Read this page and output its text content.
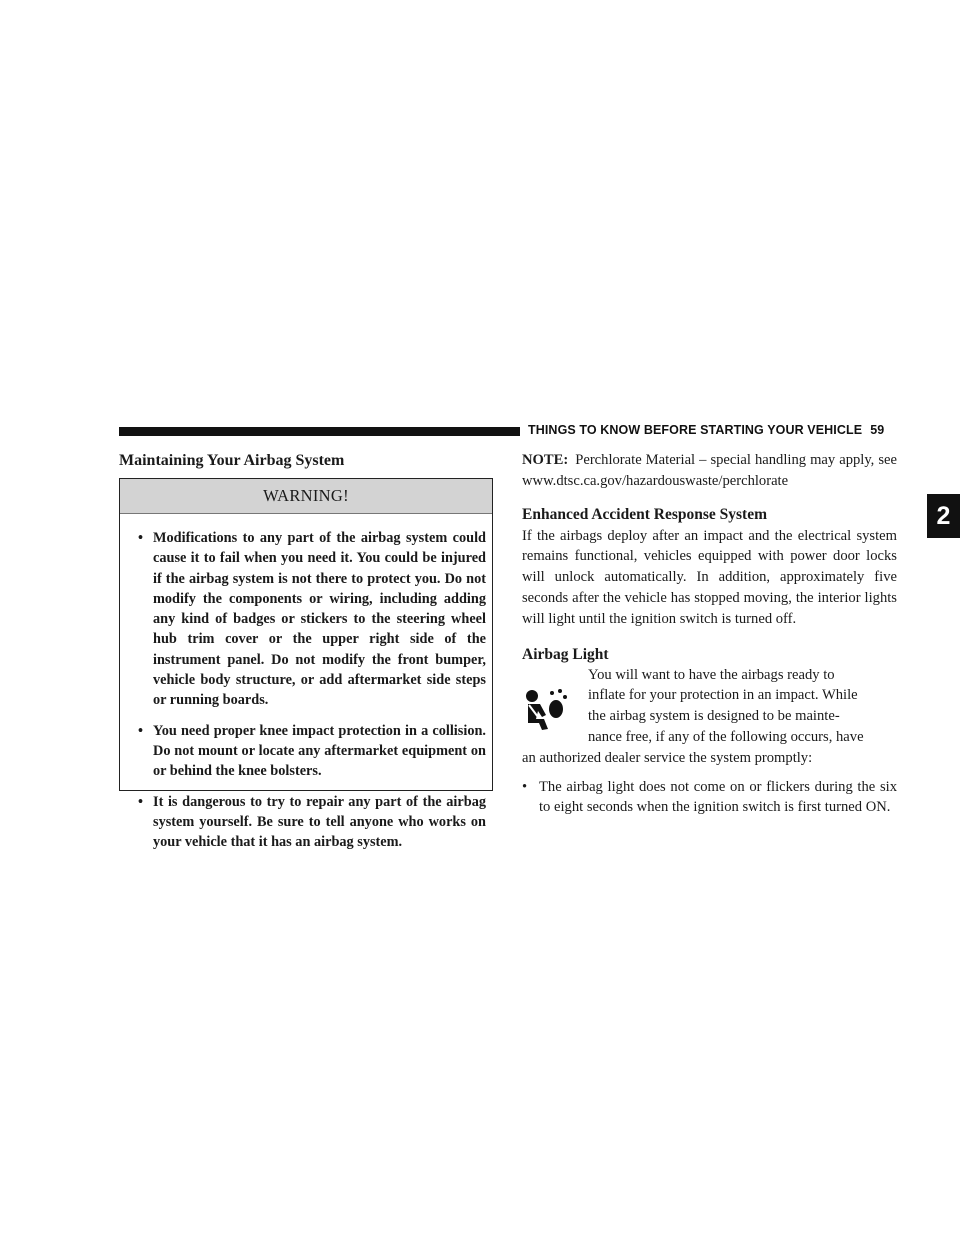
THINGS TO KNOW BEFORE STARTING YOUR VEHICLE 59
2
Maintaining Your Airbag System
WARNING!
• Modifications to any part of the airbag system could cause it to fail when you need it. You could be injured if the airbag system is not there to protect you. Do not modify the components or wiring, including adding any kind of badges or stickers to the steering wheel hub trim cover or the upper right side of the instrument panel. Do not modify the front bumper, vehicle body structure, or add aftermarket side steps or running boards.
• You need proper knee impact protection in a collision. Do not mount or locate any aftermarket equipment on or behind the knee bolsters.
• It is dangerous to try to repair any part of the airbag system yourself. Be sure to tell anyone who works on your vehicle that it has an airbag system.

NOTE: Perchlorate Material – special handling may apply, see www.dtsc.ca.gov/hazardouswaste/perchlorate

Enhanced Accident Response System

If the airbags deploy after an impact and the electrical system remains functional, vehicles equipped with power door locks will unlock automatically. In addition, approximately five seconds after the vehicle has stopped moving, the interior lights will light until the ignition switch is turned off.

Airbag Light
You will want to have the airbags ready to
inflate for your protection in an impact. While
the airbag system is designed to be mainte-
nance free, if any of the following occurs, have
an authorized dealer service the system promptly:

• The airbag light does not come on or flickers during the six to eight seconds when the ignition switch is first turned ON.
